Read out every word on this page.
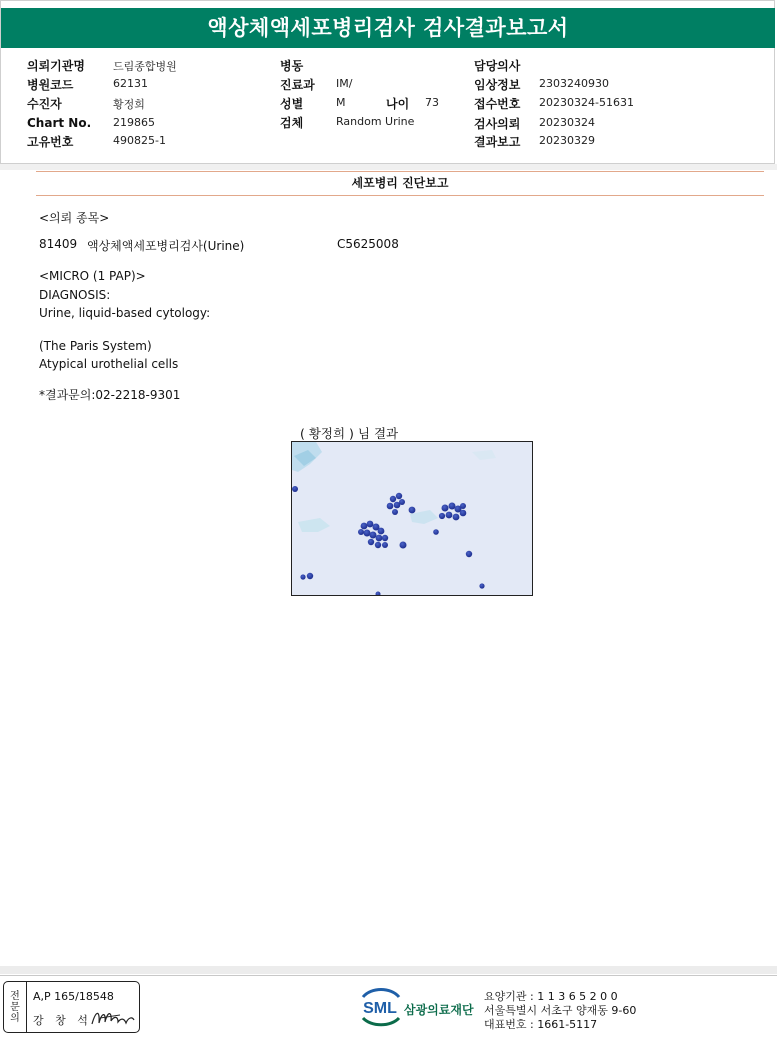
액상체액세포병리검사 검사결과보고서
의뢰기관명	드림종합병원
병원코드	62131
수진자	황정희
Chart No. 219865
고유번호	490825-1
병동
진료과 IM/
성별	M	나이 73
검체	Random Urine
담당의사
임상정보 2303240930
접수번호 20230324-51631
검사의뢰 20230324
결과보고 20230329
세포병리 진단보고
<의뢰 종목>
81409 액상체액세포병리검사(Urine)	C5625008
<MICRO (1 PAP)>
DIAGNOSIS:
Urine, liquid-based cytology:
(The Paris System)
Atypical urothelial cells
*결과문의:02-2218-9301
( 황정희 ) 님 결과
전문의
A,P 165/18548
강 창 석
SML 삼광의료재단
요양기관 : 1 1 3 6 5 2 0 0
서울특별시 서초구 양재동 9-60
대표번호 : 1661-5117
